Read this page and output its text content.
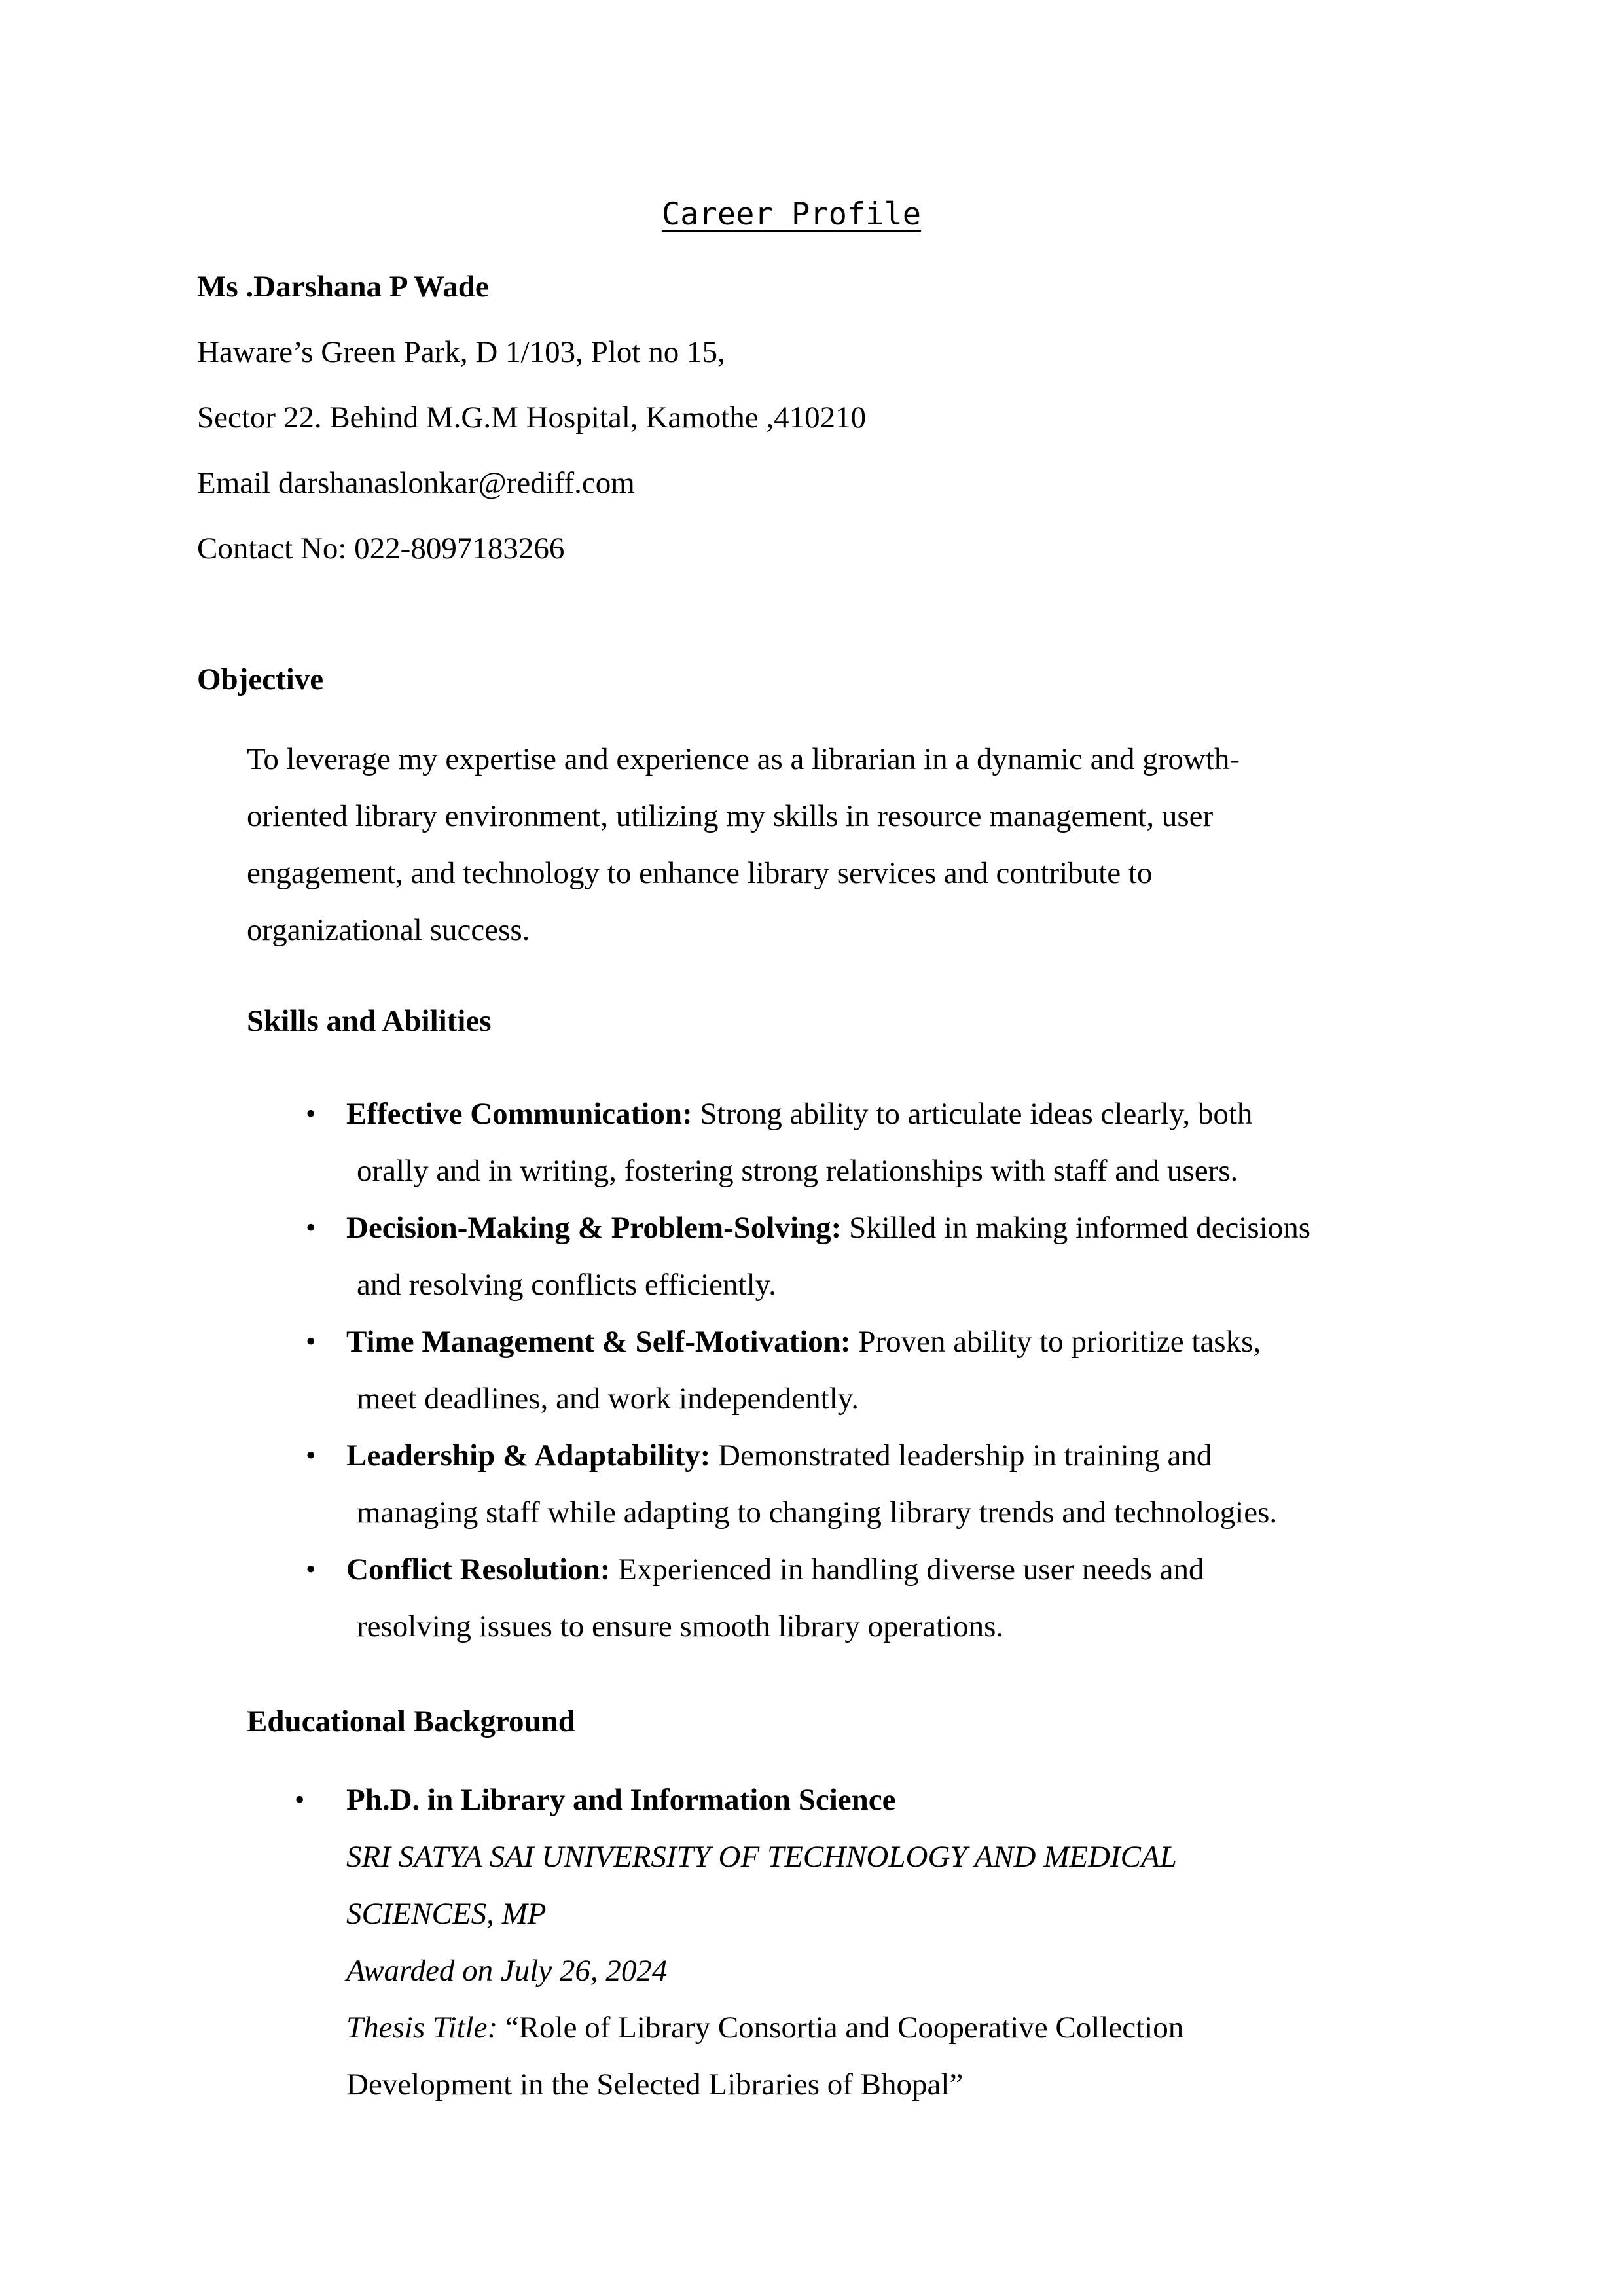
Career Profile
Ms .Darshana P Wade
Haware’s Green Park, D 1/103, Plot no 15,
Sector 22. Behind M.G.M Hospital, Kamothe ,410210
Email darshanaslonkar@rediff.com
Contact No: 022-8097183266
Objective
To leverage my expertise and experience as a librarian in a dynamic and growth-
oriented library environment, utilizing my skills in resource management, user
engagement, and technology to enhance library services and contribute to
organizational success.
Skills and Abilities
• Effective Communication: Strong ability to articulate ideas clearly, both
orally and in writing, fostering strong relationships with staff and users.
• Decision-Making & Problem-Solving: Skilled in making informed decisions
and resolving conflicts efficiently.
• Time Management & Self-Motivation: Proven ability to prioritize tasks,
meet deadlines, and work independently.
• Leadership & Adaptability: Demonstrated leadership in training and
managing staff while adapting to changing library trends and technologies.
• Conflict Resolution: Experienced in handling diverse user needs and
resolving issues to ensure smooth library operations.
Educational Background
• Ph.D. in Library and Information Science
SRI SATYA SAI UNIVERSITY OF TECHNOLOGY AND MEDICAL
SCIENCES, MP
Awarded on July 26, 2024
Thesis Title: “Role of Library Consortia and Cooperative Collection
Development in the Selected Libraries of Bhopal”
